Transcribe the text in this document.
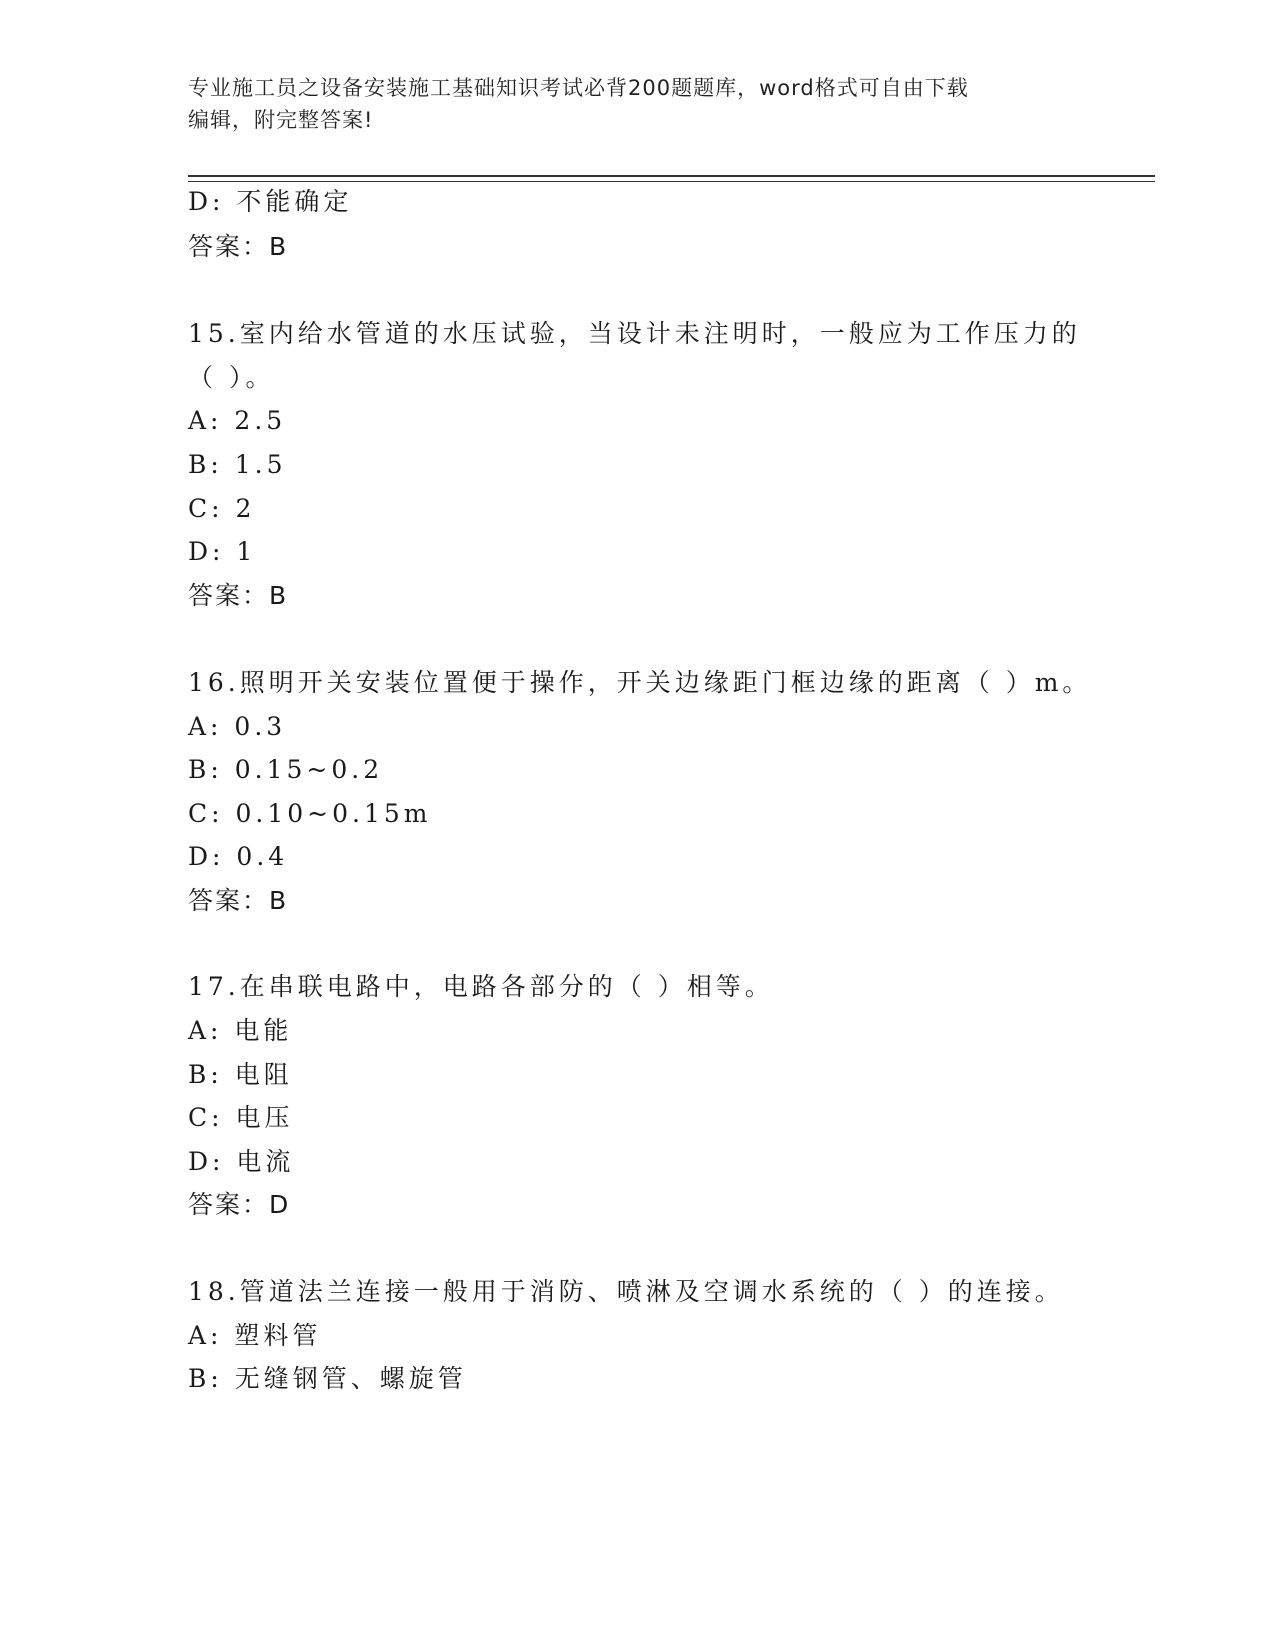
专业施工员之设备安装施工基础知识考试必背200题题库，word格式可自由下载
编辑，附完整答案!
D: 不能确定
答案：B
15.室内给水管道的水压试验，当设计未注明时，一般应为工作压力的
（ ）。
A: 2.5
B: 1.5
C: 2
D: 1
答案：B
16.照明开关安装位置便于操作，开关边缘距门框边缘的距离（ ）m。
A: 0.3
B: 0.15~0.2
C: 0.10~0.15m
D: 0.4
答案：B
17.在串联电路中，电路各部分的（ ）相等。
A: 电能
B: 电阻
C: 电压
D: 电流
答案：D
18.管道法兰连接一般用于消防、喷淋及空调水系统的（ ）的连接。
A: 塑料管
B: 无缝钢管、螺旋管
